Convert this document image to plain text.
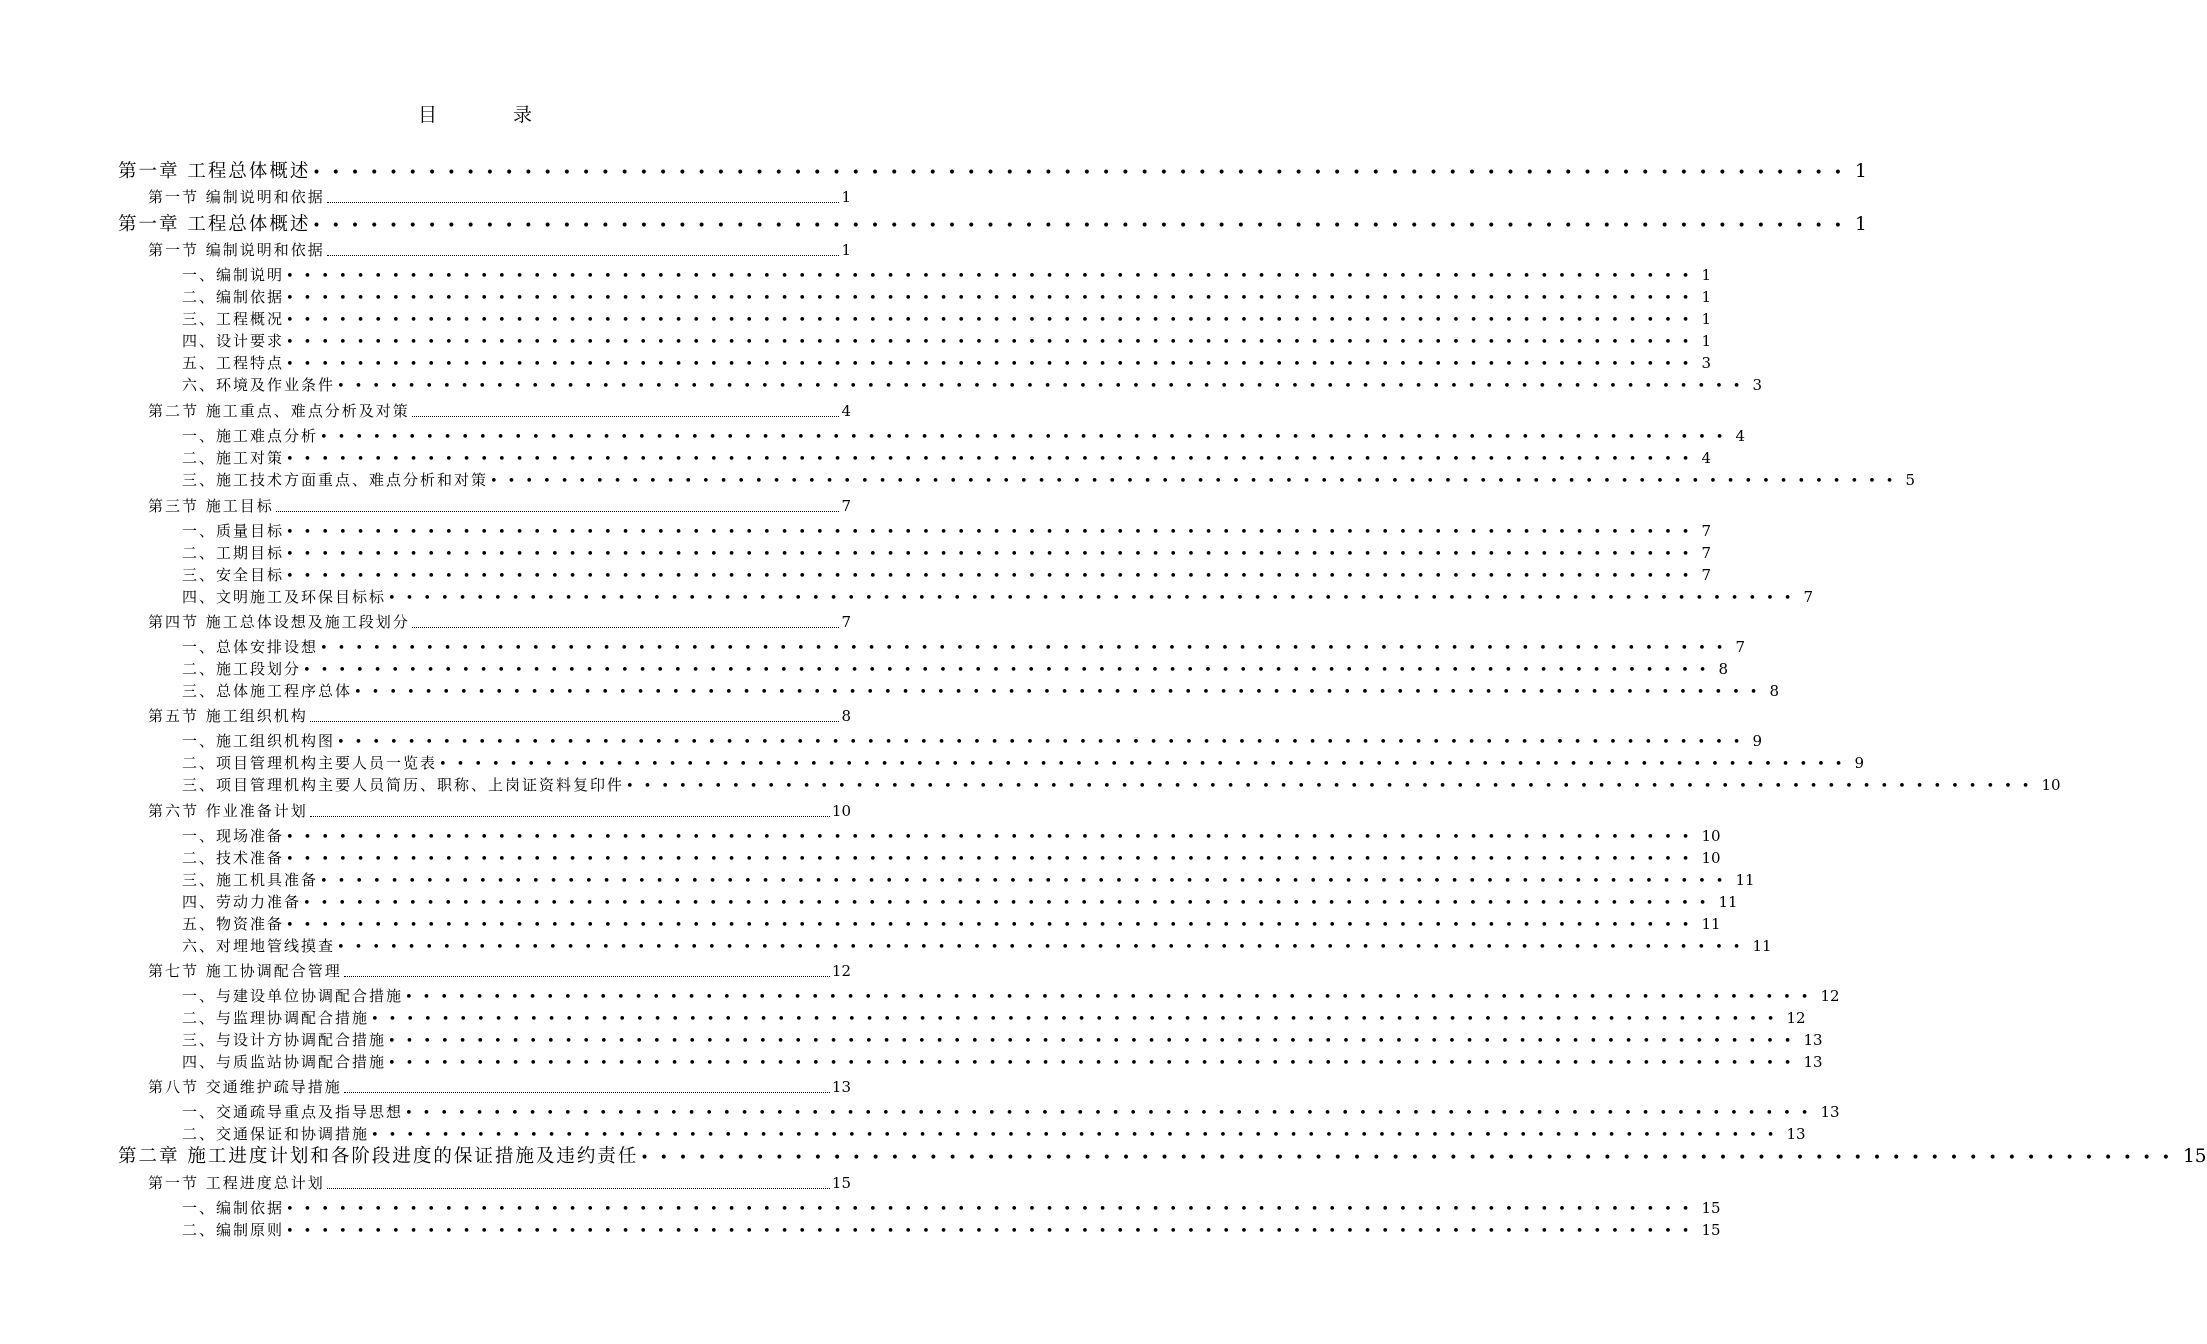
目录
第一章 工程总体概述 •••••••••••••••••••••••••••••••••••••••••••••••••••••••••••••••••••••••••••••••• 1
第一节 编制说明和依据	1
第一章 工程总体概述 •••••••••••••••••••••••••••••••••••••••••••••••••••••••••••••••••••••••••••••••• 1
第一节 编制说明和依据	1
一、编制说明 •••••••••••••••••••••••••••••••••••••••••••••••••••••••••••••••••••••••••••••••• 1
二、编制依据 •••••••••••••••••••••••••••••••••••••••••••••••••••••••••••••••••••••••••••••••• 1
三、工程概况 •••••••••••••••••••••••••••••••••••••••••••••••••••••••••••••••••••••••••••••••• 1
四、设计要求 •••••••••••••••••••••••••••••••••••••••••••••••••••••••••••••••••••••••••••••••• 1
五、工程特点 •••••••••••••••••••••••••••••••••••••••••••••••••••••••••••••••••••••••••••••••• 3
六、环境及作业条件 •••••••••••••••••••••••••••••••••••••••••••••••••••••••••••••••••••••••••••••••• 3
第二节 施工重点、难点分析及对策	4
一、施工难点分析 •••••••••••••••••••••••••••••••••••••••••••••••••••••••••••••••••••••••••••••••• 4
二、施工对策 •••••••••••••••••••••••••••••••••••••••••••••••••••••••••••••••••••••••••••••••• 4
三、施工技术方面重点、难点分析和对策 •••••••••••••••••••••••••••••••••••••••••••••••••••••••••••••••••••••••••••••••• 5
第三节 施工目标	7
一、质量目标 •••••••••••••••••••••••••••••••••••••••••••••••••••••••••••••••••••••••••••••••• 7
二、工期目标 •••••••••••••••••••••••••••••••••••••••••••••••••••••••••••••••••••••••••••••••• 7
三、安全目标 •••••••••••••••••••••••••••••••••••••••••••••••••••••••••••••••••••••••••••••••• 7
四、文明施工及环保目标标 •••••••••••••••••••••••••••••••••••••••••••••••••••••••••••••••••••••••••••••••• 7
第四节 施工总体设想及施工段划分	7
一、总体安排设想 •••••••••••••••••••••••••••••••••••••••••••••••••••••••••••••••••••••••••••••••• 7
二、施工段划分 •••••••••••••••••••••••••••••••••••••••••••••••••••••••••••••••••••••••••••••••• 8
三、总体施工程序总体 •••••••••••••••••••••••••••••••••••••••••••••••••••••••••••••••••••••••••••••••• 8
第五节 施工组织机构	8
一、施工组织机构图 •••••••••••••••••••••••••••••••••••••••••••••••••••••••••••••••••••••••••••••••• 9
二、项目管理机构主要人员一览表 •••••••••••••••••••••••••••••••••••••••••••••••••••••••••••••••••••••••••••••••• 9
三、项目管理机构主要人员简历、职称、上岗证资料复印件 •••••••••••••••••••••••••••••••••••••••••••••••••••••••••••••••••••••••••••••••• 10
第六节 作业准备计划	10
一、现场准备 •••••••••••••••••••••••••••••••••••••••••••••••••••••••••••••••••••••••••••••••• 10
二、技术准备 •••••••••••••••••••••••••••••••••••••••••••••••••••••••••••••••••••••••••••••••• 10
三、施工机具准备 •••••••••••••••••••••••••••••••••••••••••••••••••••••••••••••••••••••••••••••••• 11
四、劳动力准备 •••••••••••••••••••••••••••••••••••••••••••••••••••••••••••••••••••••••••••••••• 11
五、物资准备 •••••••••••••••••••••••••••••••••••••••••••••••••••••••••••••••••••••••••••••••• 11
六、对埋地管线摸查 •••••••••••••••••••••••••••••••••••••••••••••••••••••••••••••••••••••••••••••••• 11
第七节 施工协调配合管理	12
一、与建设单位协调配合措施 •••••••••••••••••••••••••••••••••••••••••••••••••••••••••••••••••••••••••••••••• 12
二、与监理协调配合措施 •••••••••••••••••••••••••••••••••••••••••••••••••••••••••••••••••••••••••••••••• 12
三、与设计方协调配合措施 •••••••••••••••••••••••••••••••••••••••••••••••••••••••••••••••••••••••••••••••• 13
四、与质监站协调配合措施 •••••••••••••••••••••••••••••••••••••••••••••••••••••••••••••••••••••••••••••••• 13
第八节 交通维护疏导措施	13
一、交通疏导重点及指导思想 •••••••••••••••••••••••••••••••••••••••••••••••••••••••••••••••••••••••••••••••• 13
二、交通保证和协调措施 •••••••••••••••••••••••••••••••••••••••••••••••••••••••••••••••••••••••••••••••• 13
第二章 施工进度计划和各阶段进度的保证措施及违约责任 •••••••••••••••••••••••••••••••••••••••••••••••••••••••••••••••••••••••••••••••• 15
第一节 工程进度总计划	15
一、编制依据 •••••••••••••••••••••••••••••••••••••••••••••••••••••••••••••••••••••••••••••••• 15
二、编制原则 •••••••••••••••••••••••••••••••••••••••••••••••••••••••••••••••••••••••••••••••• 15
